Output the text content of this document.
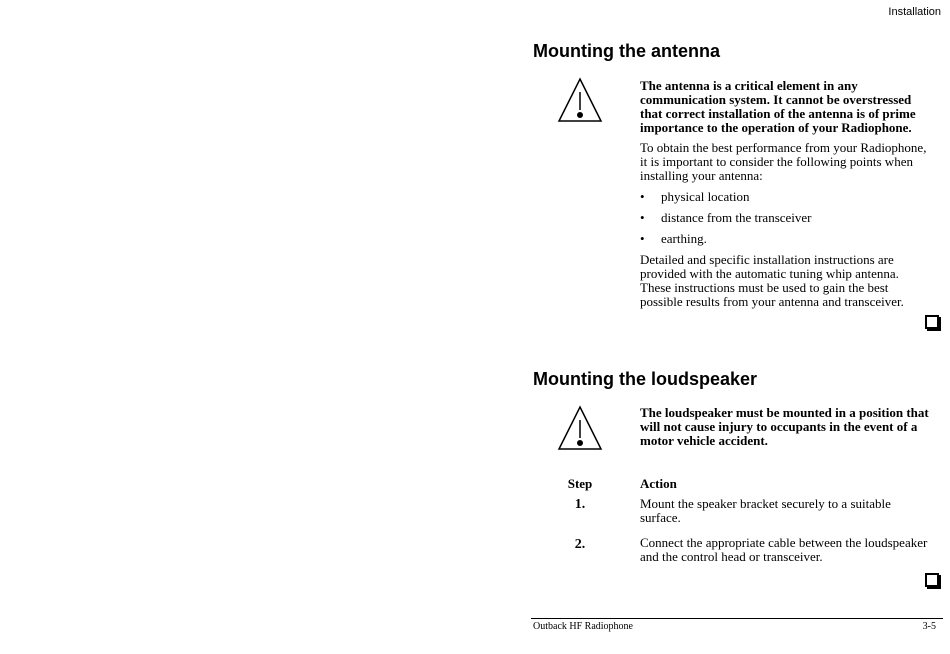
Installation
Mounting the antenna
The antenna is a critical element in any communication system. It cannot be overstressed that correct installation of the antenna is of prime importance to the operation of your Radiophone.
To obtain the best performance from your Radiophone, it is important to consider the following points when installing your antenna:
• physical location
• distance from the transceiver
• earthing.
Detailed and specific installation instructions are provided with the automatic tuning whip antenna. These instructions must be used to gain the best possible results from your antenna and transceiver.
Mounting the loudspeaker
The loudspeaker must be mounted in a position that will not cause injury to occupants in the event of a motor vehicle accident.
Step	Action
1.	Mount the speaker bracket securely to a suitable surface.
2.	Connect the appropriate cable between the loudspeaker and the control head or transceiver.
Outback HF Radiophone	3-5
